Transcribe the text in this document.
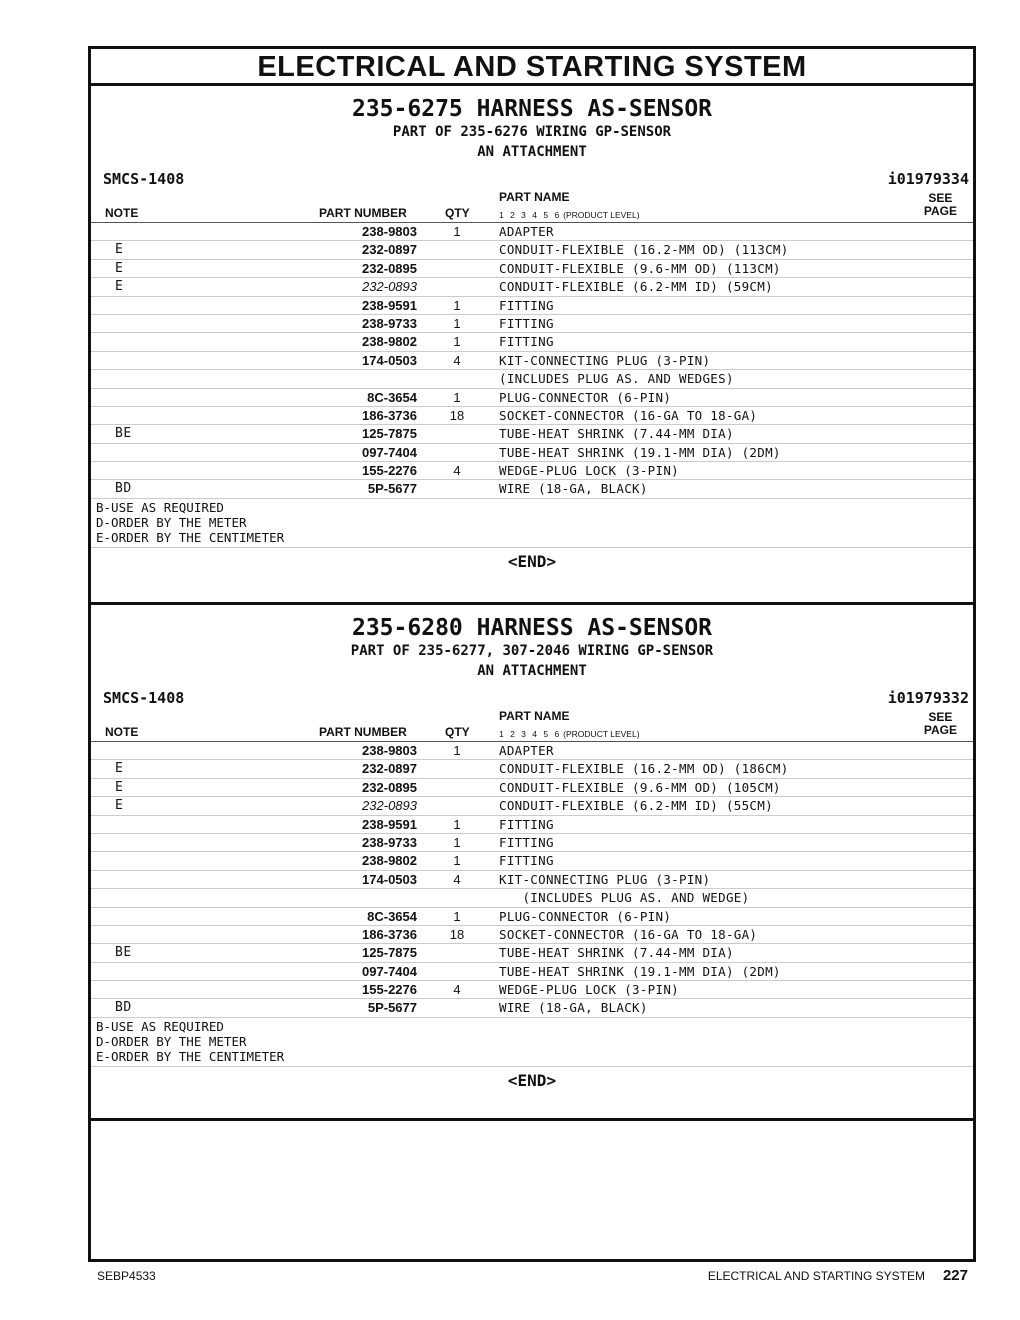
ELECTRICAL AND STARTING SYSTEM
235-6275 HARNESS AS-SENSOR
PART OF 235-6276 WIRING GP-SENSOR
AN ATTACHMENT
SMCS-1408	i01979334
NOTE	PART NUMBER	QTY
PART NAME
1 2 3 4 5 6 (PRODUCT LEVEL)
SEE
PAGE
238-9803	1	ADAPTER
E	232-0897	CONDUIT-FLEXIBLE (16.2-MM OD) (113CM)
E	232-0895	CONDUIT-FLEXIBLE (9.6-MM OD) (113CM)
E	232-0893	CONDUIT-FLEXIBLE (6.2-MM ID) (59CM)
238-9591	1	FITTING
238-9733	1	FITTING
238-9802	1	FITTING
174-0503	4	KIT-CONNECTING PLUG (3-PIN)
(INCLUDES PLUG AS. AND WEDGES)
8C-3654	1	PLUG-CONNECTOR (6-PIN)
186-3736	18	SOCKET-CONNECTOR (16-GA TO 18-GA)
BE	125-7875	TUBE-HEAT SHRINK (7.44-MM DIA)
097-7404	TUBE-HEAT SHRINK (19.1-MM DIA) (2DM)
155-2276	4	WEDGE-PLUG LOCK (3-PIN)
BD	5P-5677	WIRE (18-GA, BLACK)
B-USE AS REQUIRED
D-ORDER BY THE METER
E-ORDER BY THE CENTIMETER
<END>
235-6280 HARNESS AS-SENSOR
PART OF 235-6277, 307-2046 WIRING GP-SENSOR
AN ATTACHMENT
SMCS-1408	i01979332
NOTE	PART NUMBER	QTY
PART NAME
1 2 3 4 5 6 (PRODUCT LEVEL)
SEE
PAGE
238-9803	1	ADAPTER
E	232-0897	CONDUIT-FLEXIBLE (16.2-MM OD) (186CM)
E	232-0895	CONDUIT-FLEXIBLE (9.6-MM OD) (105CM)
E	232-0893	CONDUIT-FLEXIBLE (6.2-MM ID) (55CM)
238-9591	1	FITTING
238-9733	1	FITTING
238-9802	1	FITTING
174-0503	4	KIT-CONNECTING PLUG (3-PIN)
(INCLUDES PLUG AS. AND WEDGE)
8C-3654	1	PLUG-CONNECTOR (6-PIN)
186-3736	18	SOCKET-CONNECTOR (16-GA TO 18-GA)
BE	125-7875	TUBE-HEAT SHRINK (7.44-MM DIA)
097-7404	TUBE-HEAT SHRINK (19.1-MM DIA) (2DM)
155-2276	4	WEDGE-PLUG LOCK (3-PIN)
BD	5P-5677	WIRE (18-GA, BLACK)
B-USE AS REQUIRED
D-ORDER BY THE METER
E-ORDER BY THE CENTIMETER
<END>
SEBP4533	ELECTRICAL AND STARTING SYSTEM 227
